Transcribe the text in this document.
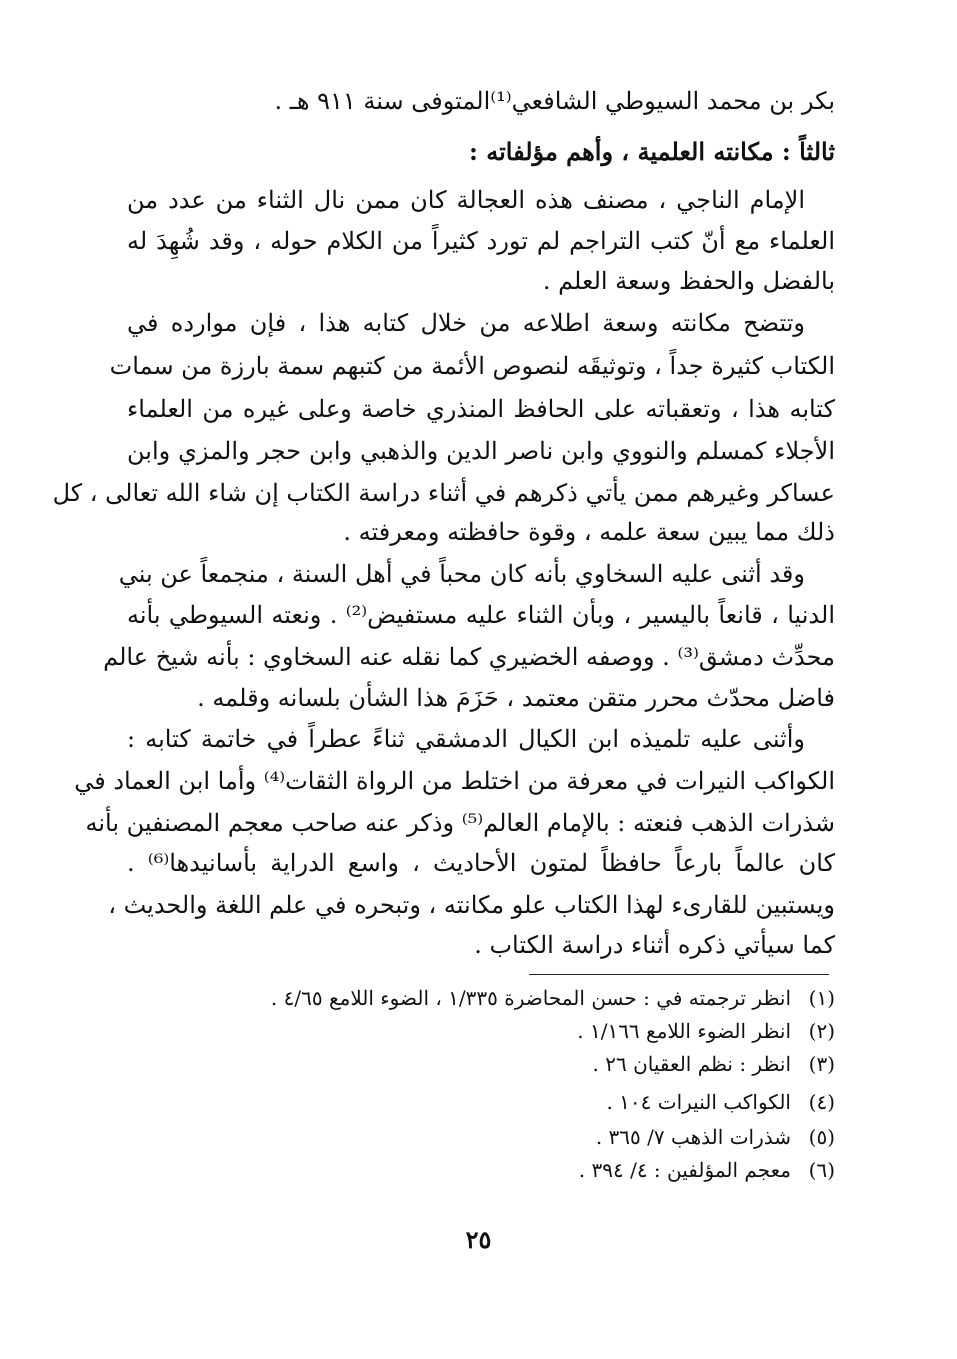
بكر بن محمد السيوطي الشافعي⁽¹⁾المتوفى سنة ٩١١ هـ .
ثالثاً : مكانته العلمية ، وأهم مؤلفاته :
الإمام الناجي ، مصنف هذه العجالة كان ممن نال الثناء من عدد من
العلماء مع أنّ كتب التراجم لم تورد كثيراً من الكلام حوله ، وقد شُهِدَ له
بالفضل والحفظ وسعة العلم .
وتتضح مكانته وسعة اطلاعه من خلال كتابه هذا ، فإن موارده في
الكتاب كثيرة جداً ، وتوثيقَه لنصوص الأئمة من كتبهم سمة بارزة من سمات
كتابه هذا ، وتعقباته على الحافظ المنذري خاصة وعلى غيره من العلماء
الأجلاء كمسلم والنووي وابن ناصر الدين والذهبي وابن حجر والمزي وابن
عساكر وغيرهم ممن يأتي ذكرهم في أثناء دراسة الكتاب إن شاء الله تعالى ، كل
ذلك مما يبين سعة علمه ، وقوة حافظته ومعرفته .
وقد أثنى عليه السخاوي بأنه كان محباً في أهل السنة ، منجمعاً عن بني
الدنيا ، قانعاً باليسير ، وبأن الثناء عليه مستفيض⁽²⁾ . ونعته السيوطي بأنه
محدِّث دمشق⁽³⁾ . ووصفه الخضيري كما نقله عنه السخاوي : بأنه شيخ عالم
فاضل محدّث محرر متقن معتمد ، حَزَمَ هذا الشأن بلسانه وقلمه .
وأثنى عليه تلميذه ابن الكيال الدمشقي ثناءً عطراً في خاتمة كتابه :
الكواكب النيرات في معرفة من اختلط من الرواة الثقات⁽⁴⁾ وأما ابن العماد في
شذرات الذهب فنعته : بالإمام العالم⁽⁵⁾ وذكر عنه صاحب معجم المصنفين بأنه
كان عالماً بارعاً حافظاً لمتون الأحاديث ، واسع الدراية بأسانيدها⁽⁶⁾ .
ويستبين للقارىء لهذا الكتاب علو مكانته ، وتبحره في علم اللغة والحديث ،
كما سيأتي ذكره أثناء دراسة الكتاب .
(١)انظر ترجمته في : حسن المحاضرة ١/٣٣٥ ، الضوء اللامع ٤/٦٥ .
(٢)انظر الضوء اللامع ١/١٦٦ .
(٣)انظر : نظم العقيان ٢٦ .
(٤)الكواكب النيرات ١٠٤ .
(٥)شذرات الذهب ٧/ ٣٦٥ .
(٦)معجم المؤلفين : ٤/ ٣٩٤ .
٢٥
